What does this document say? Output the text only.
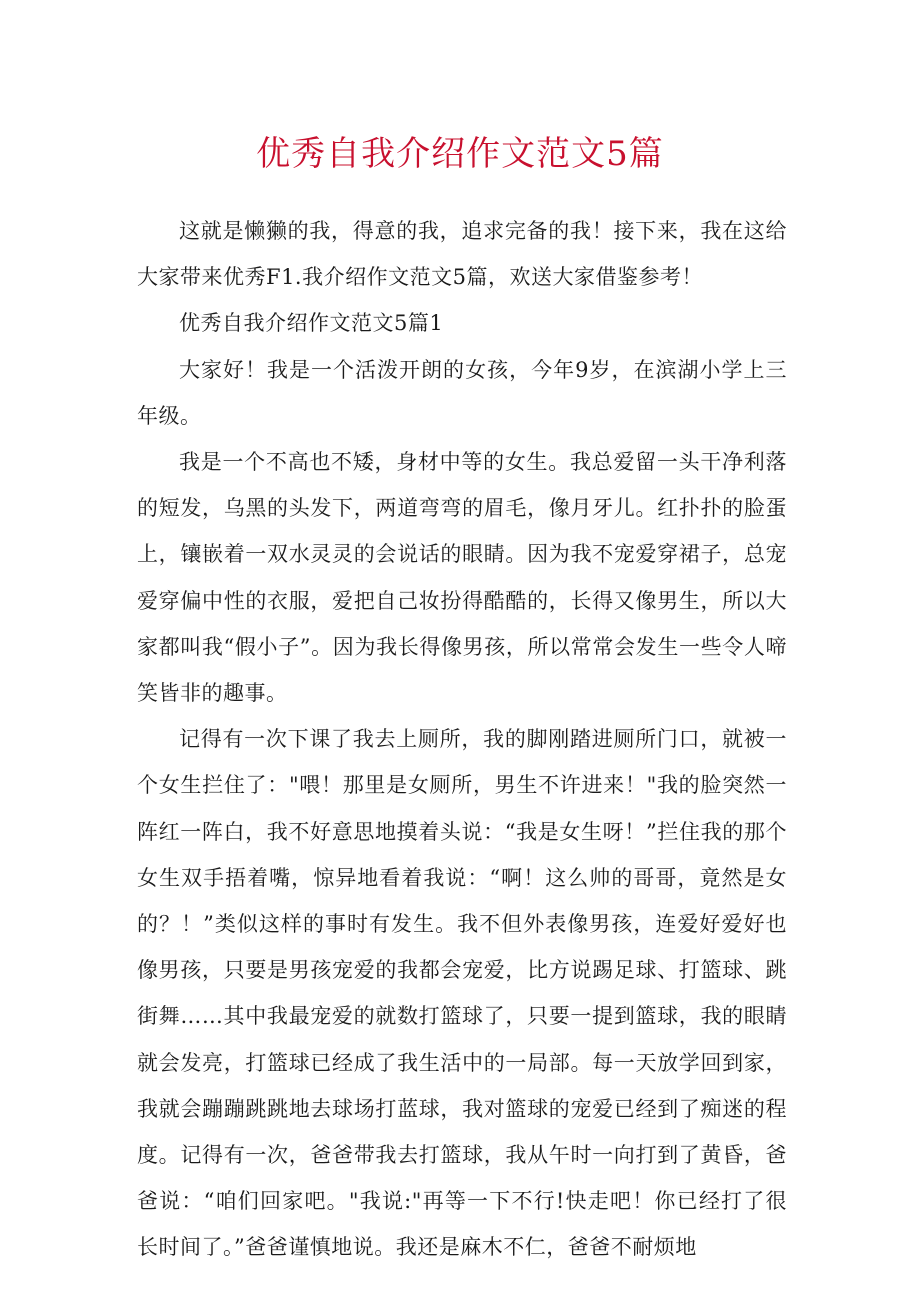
优秀自我介绍作文范文5篇

这就是懒獭的我，得意的我，追求完备的我！接下来，我在这给大家带来优秀F1.我介绍作文范文5篇，欢送大家借鉴参考！

优秀自我介绍作文范文5篇1

大家好！我是一个活泼开朗的女孩，今年9岁，在滨湖小学上三年级。

我是一个不高也不矮，身材中等的女生。我总爱留一头干净利落的短发，乌黑的头发下，两道弯弯的眉毛，像月牙儿。红扑扑的脸蛋上，镶嵌着一双水灵灵的会说话的眼睛。因为我不宠爱穿裙子，总宠爱穿偏中性的衣服，爱把自己妆扮得酷酷的，长得又像男生，所以大家都叫我“假小子”。因为我长得像男孩，所以常常会发生一些令人啼笑皆非的趣事。

记得有一次下课了我去上厕所，我的脚刚踏进厕所门口，就被一个女生拦住了："喂！那里是女厕所，男生不许进来！"我的脸突然一阵红一阵白，我不好意思地摸着头说：“我是女生呀！”拦住我的那个女生双手捂着嘴，惊异地看着我说：“啊！这么帅的哥哥，竟然是女的？！”类似这样的事时有发生。我不但外表像男孩，连爱好爱好也像男孩，只要是男孩宠爱的我都会宠爱，比方说踢足球、打篮球、跳街舞……其中我最宠爱的就数打篮球了，只要一提到篮球，我的眼睛就会发亮，打篮球已经成了我生活中的一局部。每一天放学回到家，我就会蹦蹦跳跳地去球场打蓝球，我对篮球的宠爱已经到了痴迷的程度。记得有一次，爸爸带我去打篮球，我从午时一向打到了黄昏，爸爸说：“咱们回家吧。"我说:"再等一下不行!快走吧！你已经打了很长时间了。”爸爸谨慎地说。我还是麻木不仁，爸爸不耐烦地
